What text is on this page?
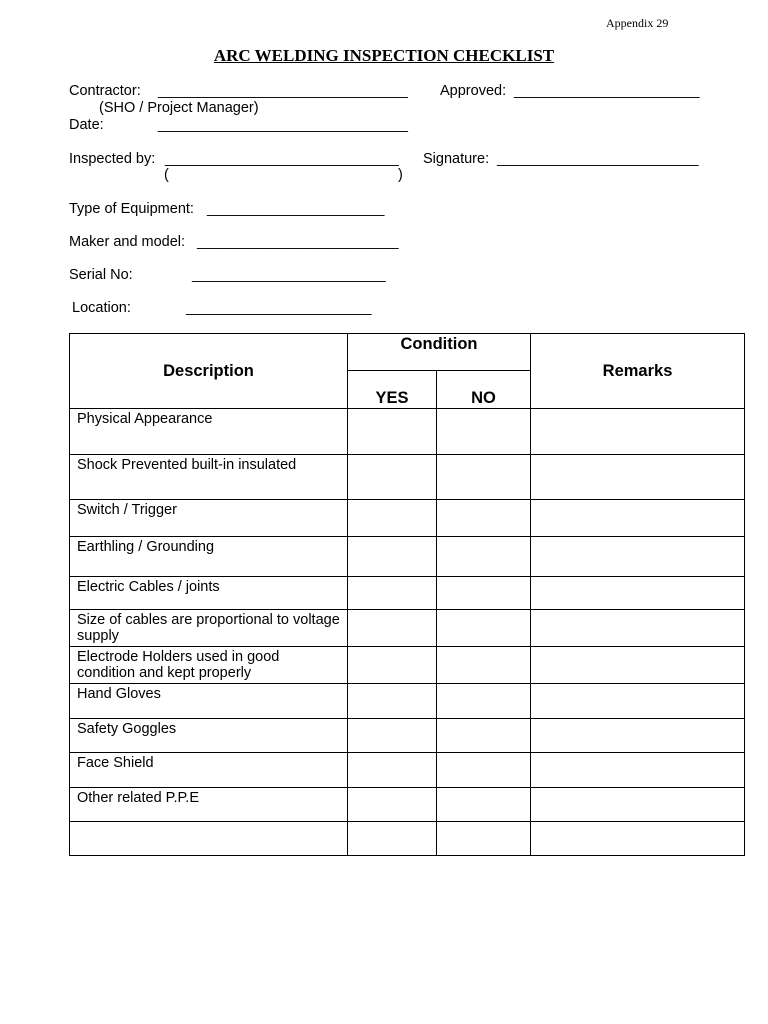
Appendix 29
ARC WELDING INSPECTION CHECKLIST
Contractor: _______________________________ Approved: _______________________
(SHO / Project Manager)
Date:	_______________________________
Inspected by: _____________________________ Signature: _________________________
(	)
Type of Equipment: ______________________
Maker and model: _________________________
Serial No:	________________________
Location:	_______________________
Description	Condition		Remarks
	YES	NO	
Physical Appearance			
Shock Prevented built-in insulated			
Switch / Trigger			
Earthling / Grounding			
Electric Cables / joints			
Size of cables are proportional to voltage supply			
Electrode Holders used in good condition and kept properly			
Hand Gloves			
Safety Goggles			
Face Shield			
Other related P.P.E			
